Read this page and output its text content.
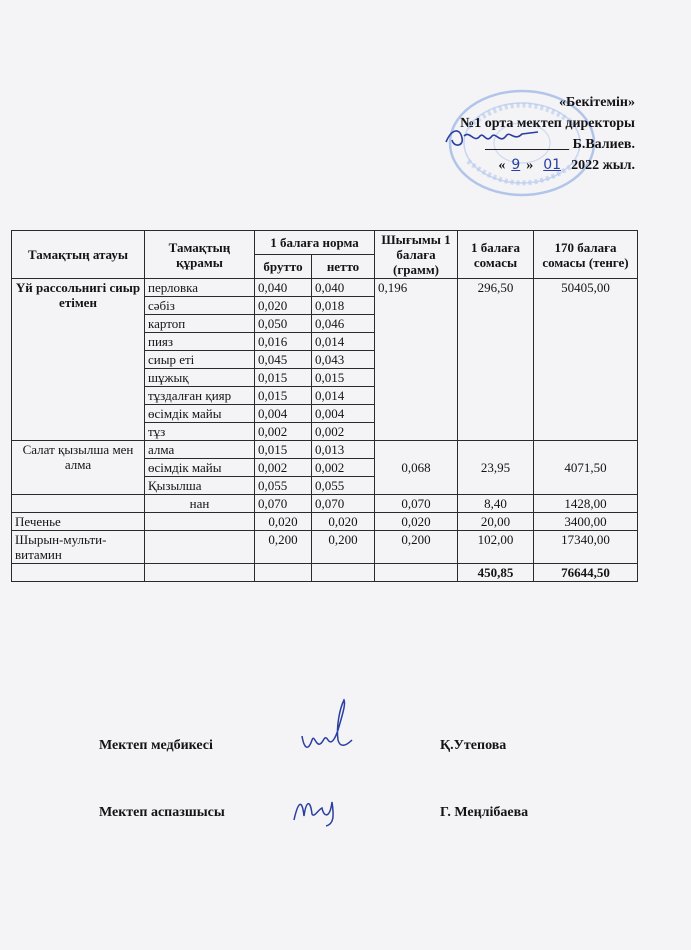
«Бекітемін»
№1 орта мектеп директоры
____________ Б.Валиев.
« 9 » 01 2022 жыл.
Тамақтың атауы	Тамақтың құрамы	1 балаға норма		Шығымы 1 балаға (грамм)	1 балаға сомасы	170 балаға сомасы (тенге)
		брутто	нетто			
Үй рассольнигі сиыр етімен	перловка	0,040	0,040	0,196	296,50	50405,00
	сәбіз	0,020	0,018			
	картоп	0,050	0,046			
	пияз	0,016	0,014			
	сиыр еті	0,045	0,043			
	шұжық	0,015	0,015			
	тұздалған қияр	0,015	0,014			
	өсімдік майы	0,004	0,004			
	тұз	0,002	0,002			
Салат қызылша мен алма	алма	0,015	0,013	0,068	23,95	4071,50
	өсімдік майы	0,002	0,002			
	Қызылша	0,055	0,055			
	нан	0,070	0,070	0,070	8,40	1428,00
Печенье		0,020	0,020	0,020	20,00	3400,00
Шырын-мульти-витамин		0,200	0,200	0,200	102,00	17340,00
					450,85	76644,50
Мектеп медбикесі	Қ.Утепова
Мектеп аспазшысы	Г. Меңлібаева
